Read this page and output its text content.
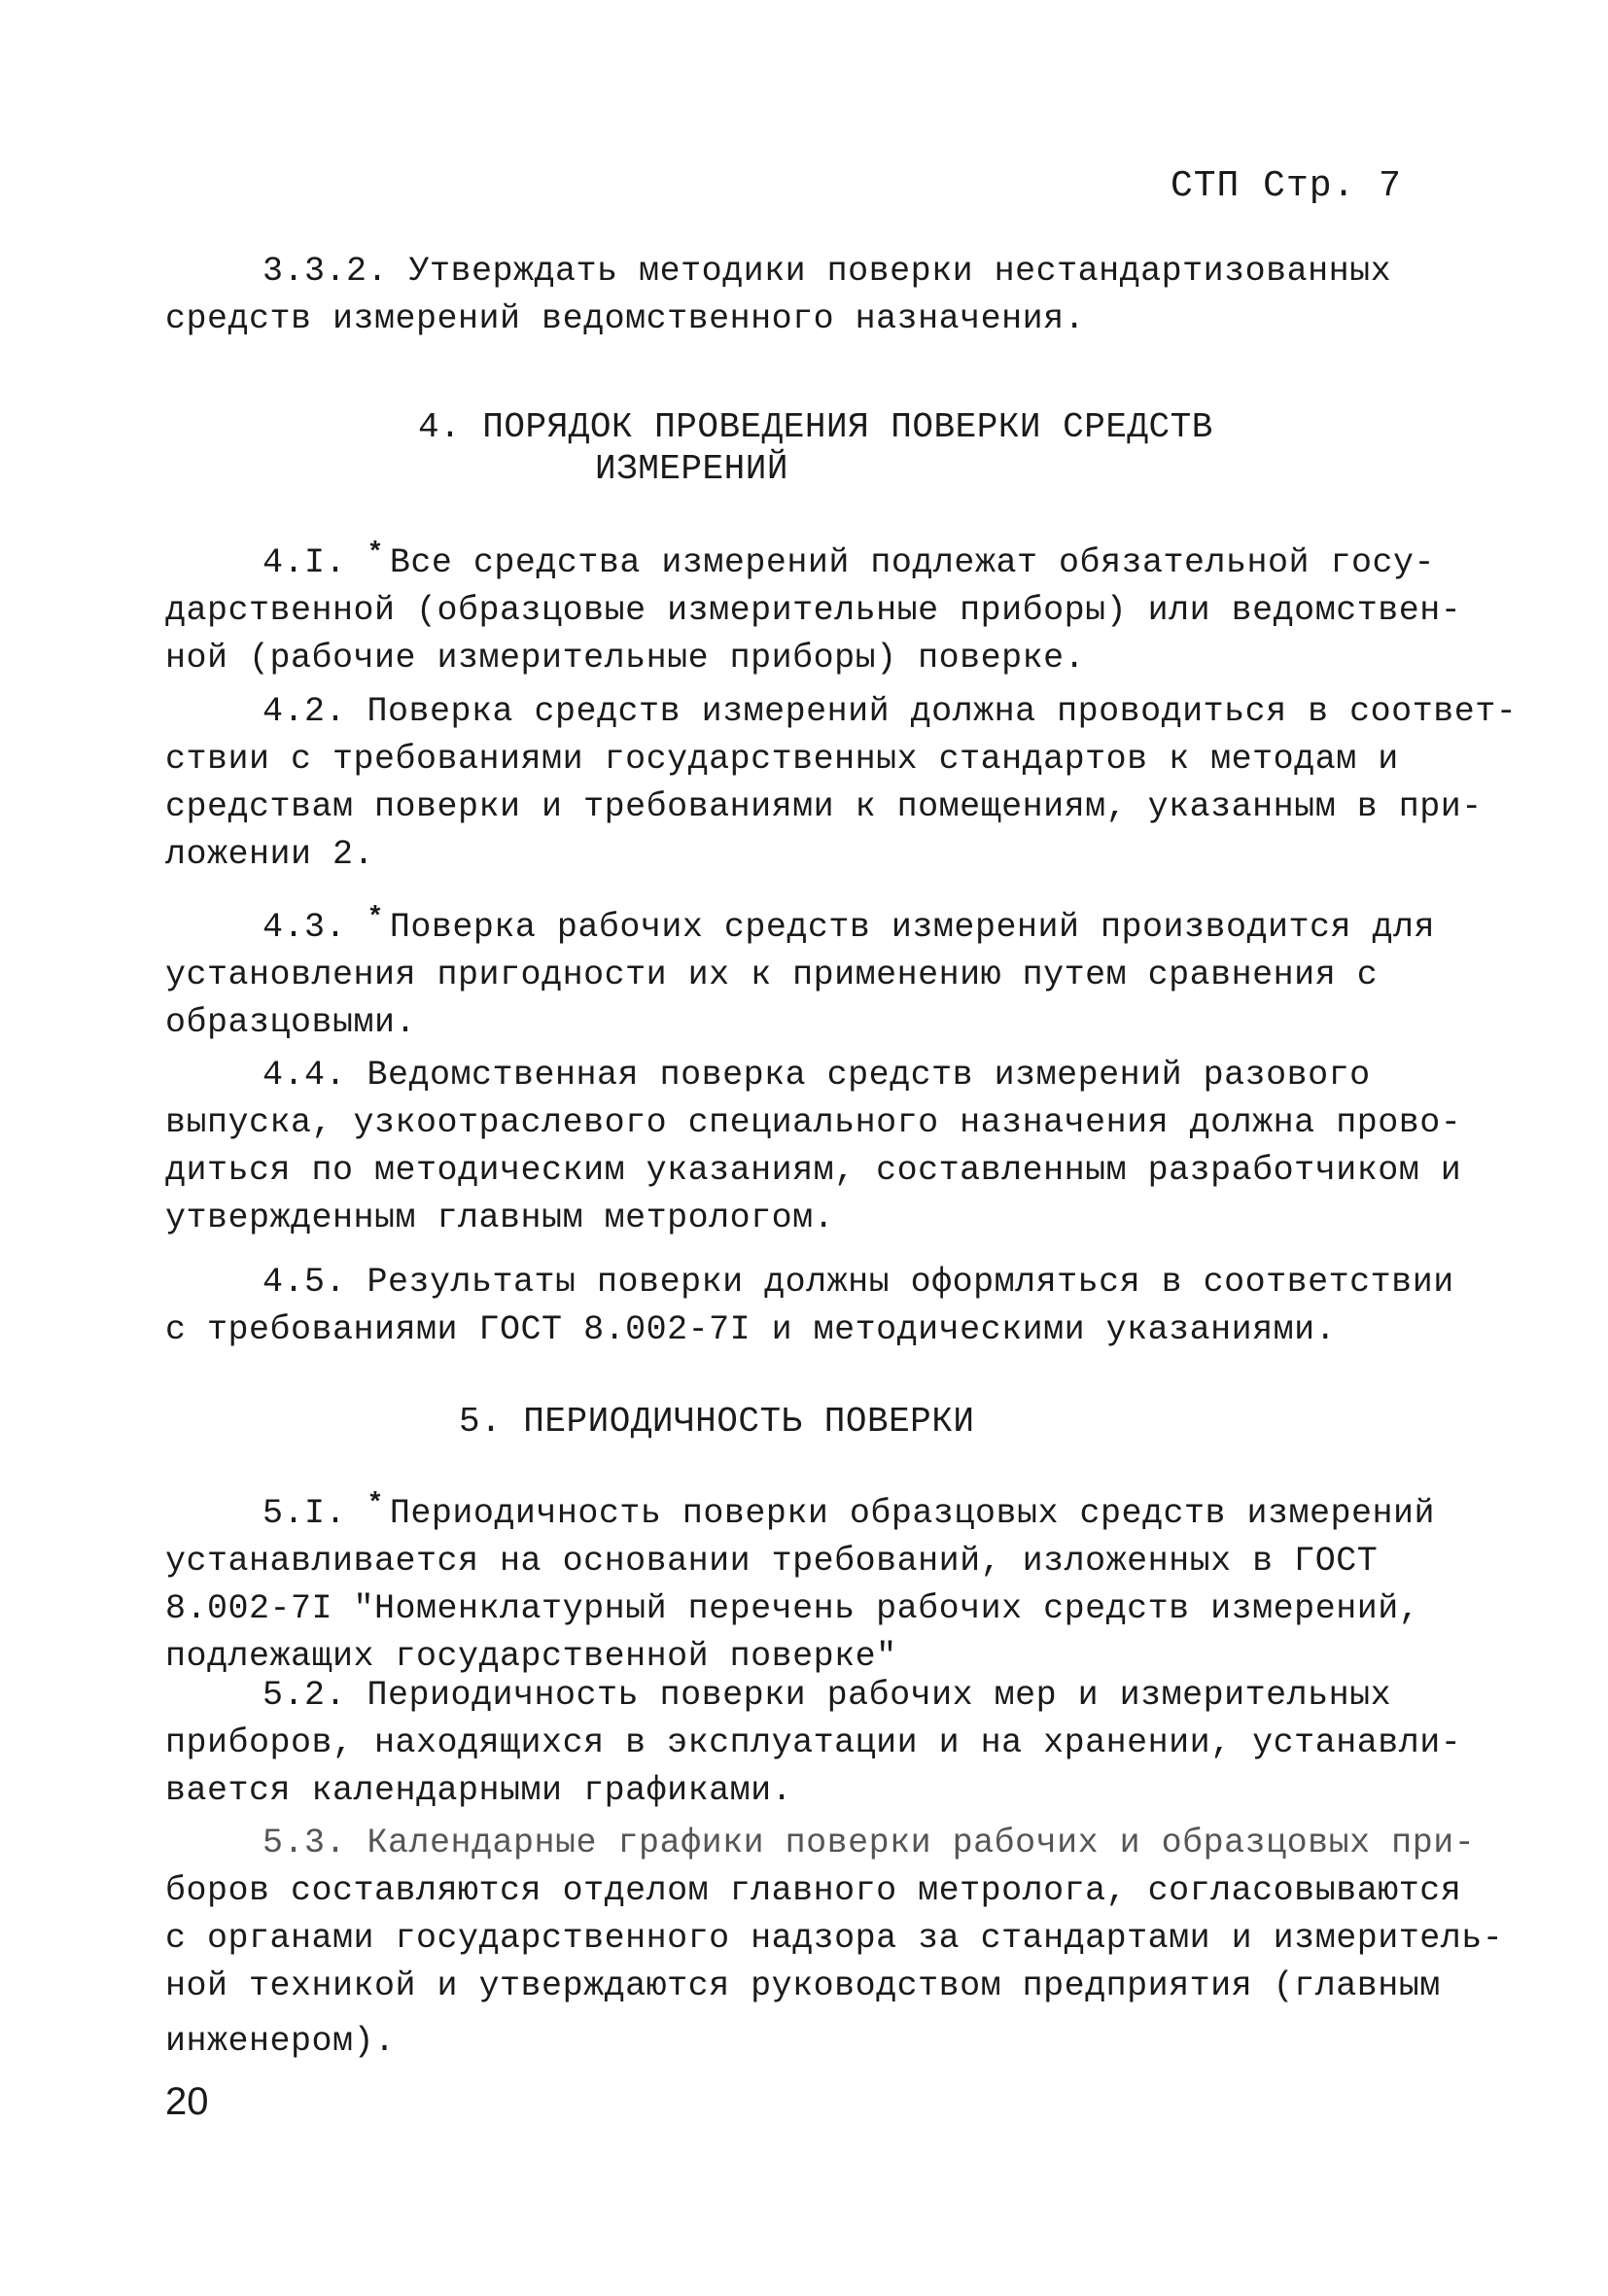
СТП Стр. 7
3.3.2. Утверждать методики поверки нестандартизованных
средств измерений ведомственного назначения.
4. ПОРЯДОК ПРОВЕДЕНИЯ ПОВЕРКИ СРЕДСТВ
ИЗМЕРЕНИЙ
4.I. * Все средства измерений подлежат обязательной госу-
дарственной (образцовые измерительные приборы) или ведомствен-
ной (рабочие измерительные приборы) поверке.
4.2. Поверка средств измерений должна проводиться в соответ-
ствии с требованиями государственных стандартов к методам и
средствам поверки и требованиями к помещениям, указанным в при-
ложении 2.
4.3. * Поверка рабочих средств измерений производится для
установления пригодности их к применению путем сравнения с
образцовыми.
4.4. Ведомственная поверка средств измерений разового
выпуска, узкоотраслевого специального назначения должна прово-
диться по методическим указаниям, составленным разработчиком и
утвержденным главным метрологом.
4.5. Результаты поверки должны оформляться в соответствии
с требованиями ГОСТ 8.002-7I и методическими указаниями.
5. ПЕРИОДИЧНОСТЬ ПОВЕРКИ
5.I. * Периодичность поверки образцовых средств измерений
устанавливается на основании требований, изложенных в ГОСТ
8.002-7I "Номенклатурный перечень рабочих средств измерений,
подлежащих государственной поверке"
5.2. Периодичность поверки рабочих мер и измерительных
приборов, находящихся в эксплуатации и на хранении, устанавли-
вается календарными графиками.
5.3. Календарные графики поверки рабочих и образцовых при-
боров составляются отделом главного метролога, согласовываются
с органами государственного надзора за стандартами и измеритель-
ной техникой и утверждаются руководством предприятия (главным
инженером).
20
